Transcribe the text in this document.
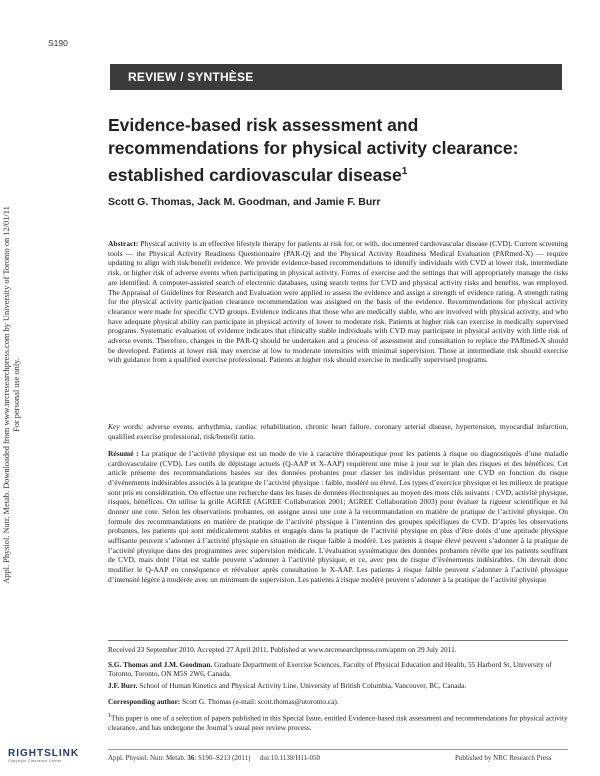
S190
REVIEW / SYNTHÈSE
Evidence-based risk assessment and recommendations for physical activity clearance: established cardiovascular disease$^1$

Scott G. Thomas, Jack M. Goodman, and Jamie F. Burr

Appl. Physiol. Nutr. Metab. Downloaded from www.nrcresearchpress.com by University of Toronto on 12/01/11 For personal use only.

Abstract: Physical activity is an effective lifestyle therapy for patients at risk for, or with, documented cardiovascular disease (CVD). Current screening tools — the Physical Activity Readiness Questionnaire (PAR-Q) and the Physical Activity Readiness Medical Evaluation (PARmed-X) — require updating to align with risk/benefit evidence. We provide evidence-based recommendations to identify individuals with CVD at lower risk, intermediate risk, or higher risk of adverse events when participating in physical activity. Forms of exercise and the settings that will appropriately manage the risks are identified. A computer-assisted search of electronic databases, using search terms for CVD and physical activity risks and benefits, was employed. The Appraisal of Guidelines for Research and Evaluation were applied to assess the evidence and assign a strength of evidence rating. A strength rating for the physical activity participation clearance recommendation was assigned on the basis of the evidence. Recommendations for physical activity clearance were made for specific CVD groups. Evidence indicates that those who are medically stable, who are involved with physical activity, and who have adequate physical ability can participate in physical activity of lower to moderate risk. Patients at higher risk can exercise in medically supervised programs. Systematic evaluation of evidence indicates that clinically stable individuals with CVD may participate in physical activity with little risk of adverse events. Therefore, changes in the PAR-Q should be undertaken and a process of assessment and consultation to replace the PARmed-X should be developed. Patients at lower risk may exercise at low to moderate intensities with minimal supervision. Those at intermediate risk should exercise with guidance from a qualified exercise professional. Patients at higher risk should exercise in medically supervised programs.

Key words: adverse events, arrhythmia, cardiac rehabilitation, chronic heart failure, coronary arterial disease, hypertension, myocardial infarction, qualified exercise professional, risk/benefit ratio.

Résumé : La pratique de l’activité physique est un mode de vie à caractère thérapeutique pour les patients à risque ou diagnostiqués d’une maladie cardiovasculaire (CVD). Les outils de dépistage actuels (Q-AAP et X-AAP) requièrent une mise à jour sur le plan des risques et des bénéfices. Cet article présente des recommandations basées sur des données probantes pour classer les individus présentant une CVD en fonction du risque d’événements indésirables associés à la pratique de l’activité physique : faible, modéré ou élevé. Les types d’exercice physique et les milieux de pratique sont pris en considération. On effectue une recherche dans les bases de données électroniques au moyen des mots clés suivants : CVD, activité physique, risques, bénéfices. On utilise la grille AGREE (AGREE Collaboration 2001; AGREE Collaboration 2003) pour évaluer la rigueur scientifique et lui donner une cote. Selon les observations probantes, on assigne aussi une cote à la recommandation en matière de pratique de l’activité physique. On formule des recommandations en matière de pratique de l’activité physique à l’intention des groupes spécifiques de CVD. D’après les observations probantes, les patients qui sont médicalement stables et engagés dans la pratique de l’activité physique en plus d’être dotés d’une aptitude physique suffisante peuvent s’adonner à l’activité physique en situation de risque faible à modéré. Les patients à risque élevé peuvent s’adonner à la pratique de l’activité physique dans des programmes avec supervision médicale. L’évaluation systématique des données probantes révèle que les patients souffrant de CVD, mais dont l’état est stable peuvent s’adonner à l’activité physique, et ce, avec peu de risque d’événements indésirables. On devrait donc modifier le Q-AAP en conséquence et réévaluer après consultation le X-AAP. Les patients à risque faible peuvent s’adonner à l’activité physique d’intensité légère à modérée avec un minimum de supervision. Les patients à risque modéré peuvent s’adonner à la pratique de l’activité physique

Received 23 September 2010. Accepted 27 April 2011. Published at www.nrcresearchpress.com/apnm on 29 July 2011.

S.G. Thomas and J.M. Goodman. Graduate Department of Exercise Sciences, Faculty of Physical Education and Health, 55 Harbord St, University of Toronto, Toronto, ON M5S 2W6, Canada.

J.F. Burr. School of Human Kinetics and Physical Activity Line, University of British Columbia, Vancouver, BC, Canada.

Corresponding author: Scott G. Thomas (e-mail: scott.thomas@utoronto.ca).

$^1$This paper is one of a selection of papers published in this Special Issue, entitled Evidence-based risk assessment and recommendations for physical activity clearance, and has undergone the Journal’s usual peer review process.

RIGHTSLINK
Copyright Clearance Center	Appl. Physiol. Nutr. Metab. 36: S190–S213 (2011) doi:10.1139/H11-050	Published by NRC Research Press
